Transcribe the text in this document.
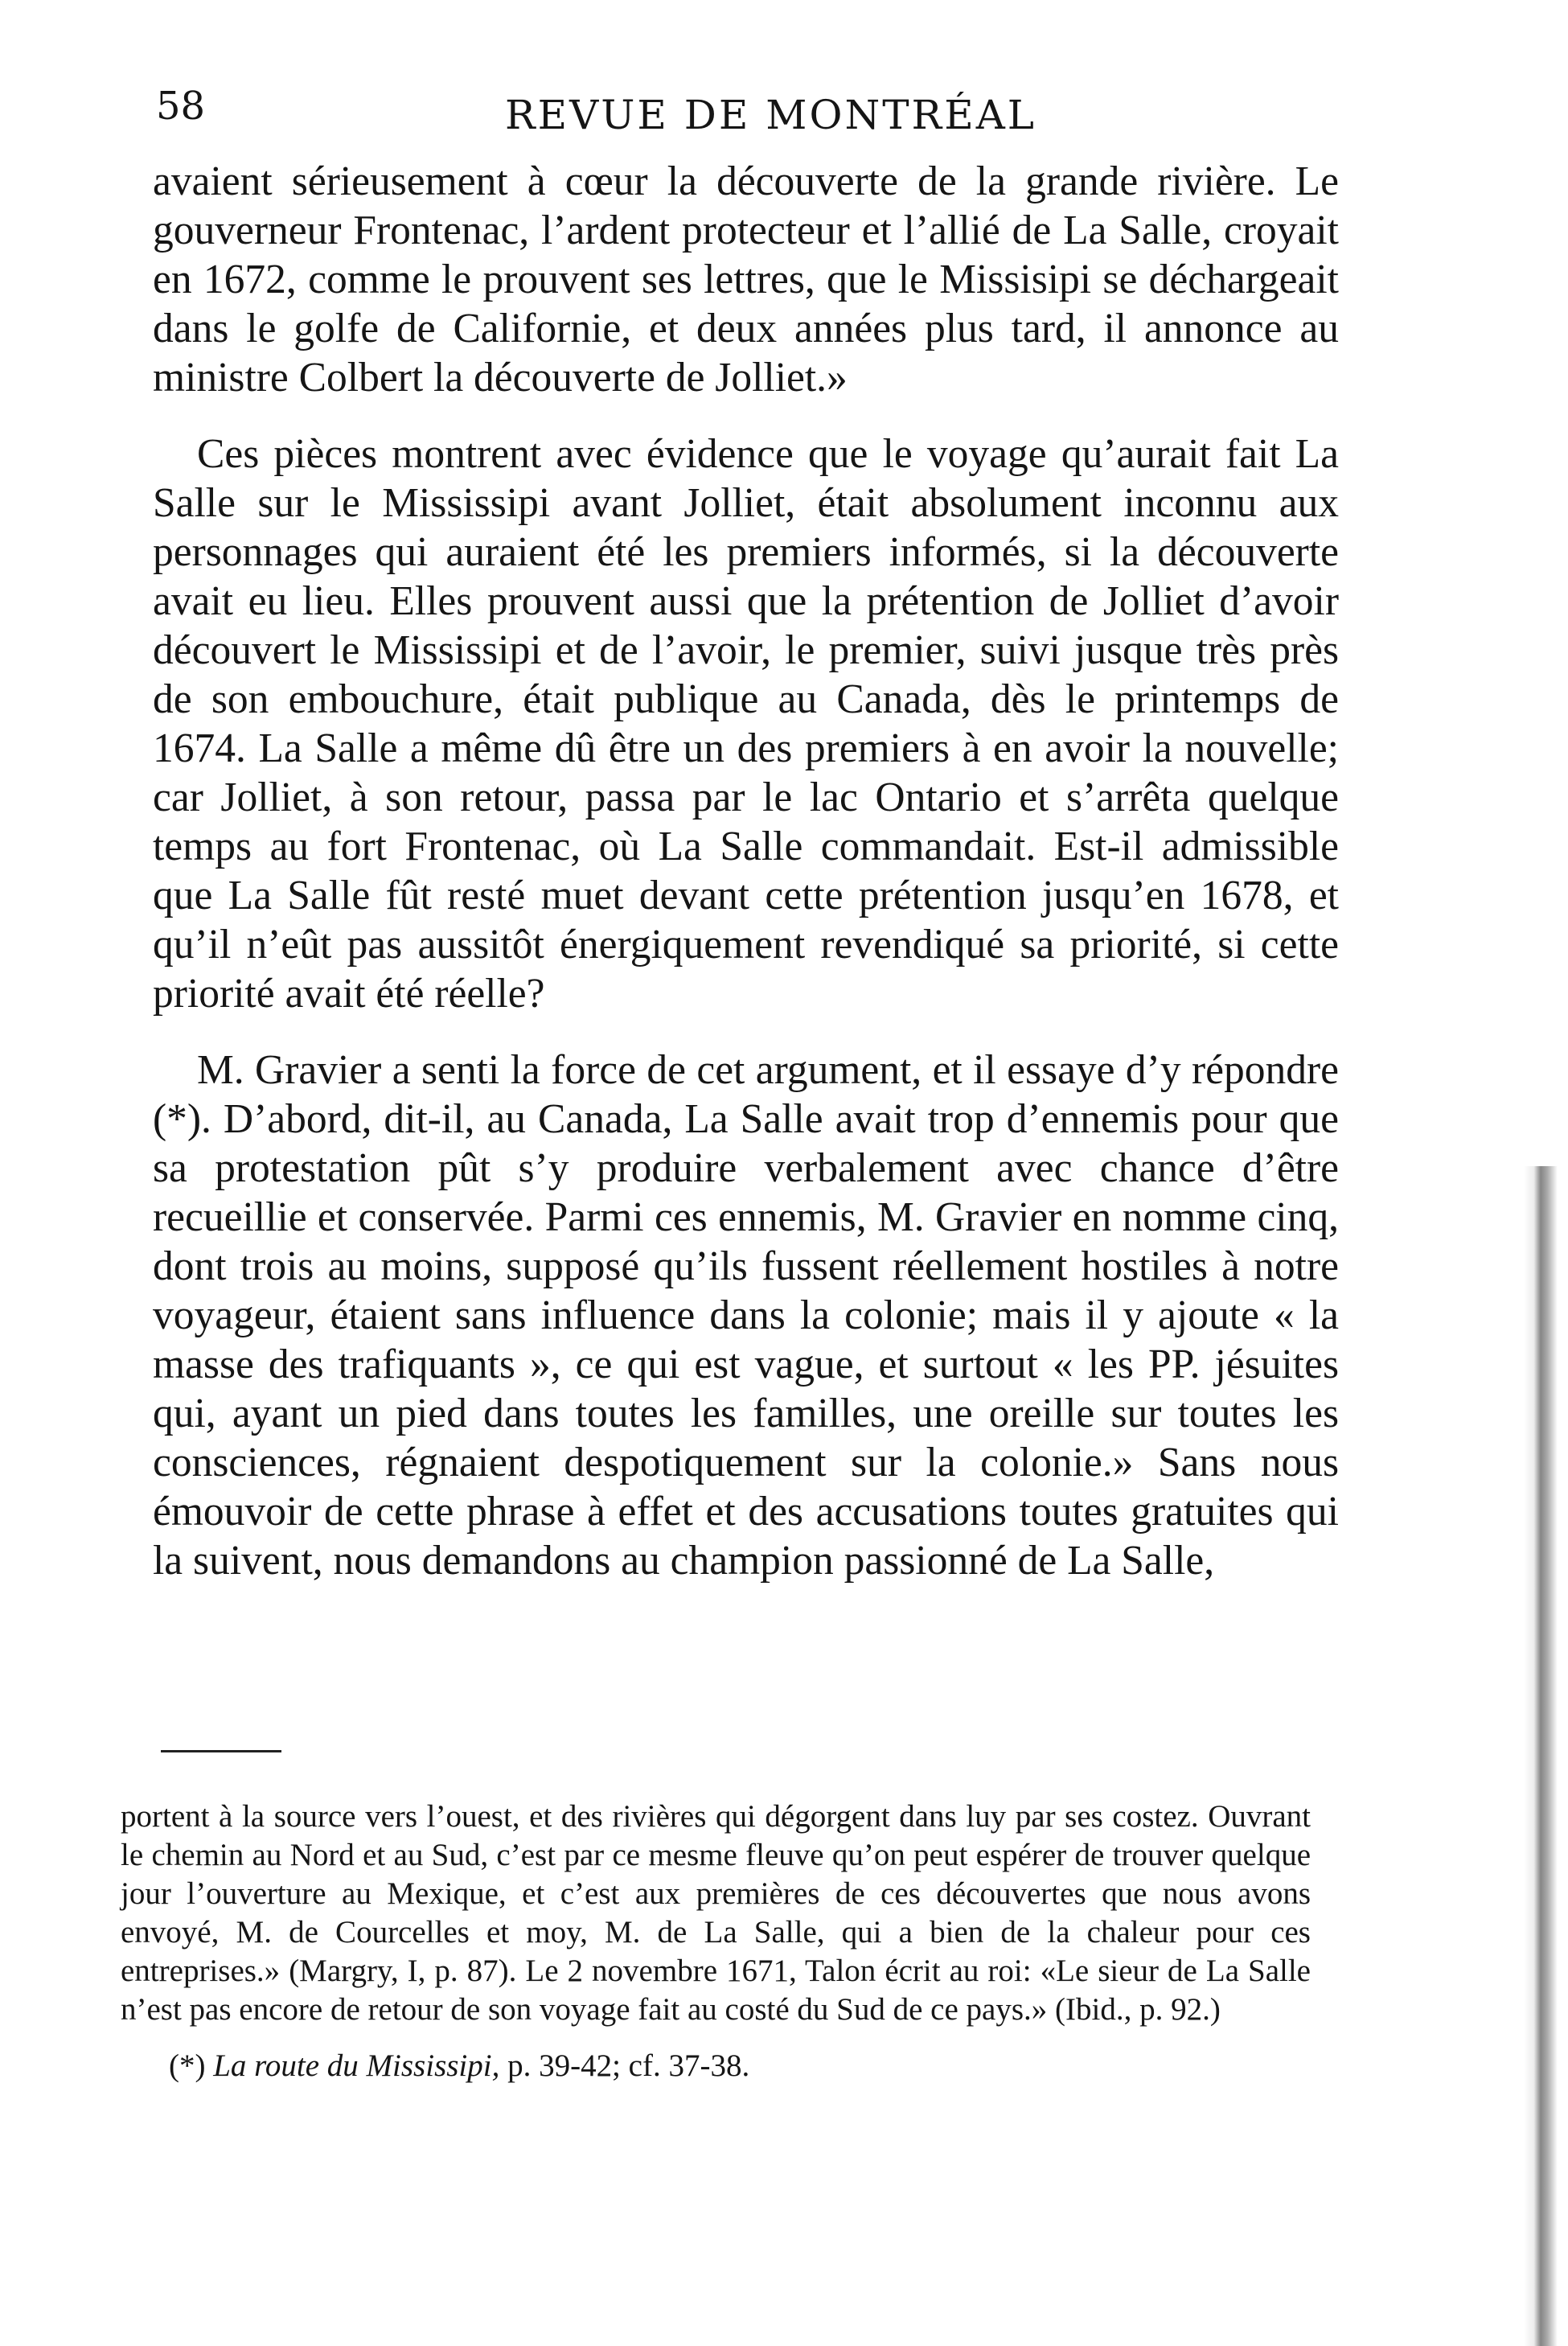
58	REVUE DE MONTRÉAL

avaient sérieusement à cœur la découverte de la grande rivière. Le gouverneur Frontenac, l’ardent protecteur et l’allié de La Salle, croyait en 1672, comme le prouvent ses lettres, que le Missisipi se déchargeait dans le golfe de Californie, et deux années plus tard, il annonce au ministre Colbert la découverte de Jolliet.»

Ces pièces montrent avec évidence que le voyage qu’aurait fait La Salle sur le Mississipi avant Jolliet, était absolument inconnu aux personnages qui auraient été les premiers informés, si la découverte avait eu lieu. Elles prouvent aussi que la prétention de Jolliet d’avoir découvert le Mississipi et de l’avoir, le premier, suivi jusque très près de son embouchure, était publique au Canada, dès le printemps de 1674. La Salle a même dû être un des premiers à en avoir la nouvelle; car Jolliet, à son retour, passa par le lac Ontario et s’arrêta quelque temps au fort Frontenac, où La Salle commandait. Est-il admissible que La Salle fût resté muet devant cette prétention jusqu’en 1678, et qu’il n’eût pas aussitôt énergiquement revendiqué sa priorité, si cette priorité avait été réelle?

M. Gravier a senti la force de cet argument, et il essaye d’y répondre (*). D’abord, dit-il, au Canada, La Salle avait trop d’ennemis pour que sa protestation pût s’y produire verbalement avec chance d’être recueillie et conservée. Parmi ces ennemis, M. Gravier en nomme cinq, dont trois au moins, supposé qu’ils fussent réellement hostiles à notre voyageur, étaient sans influence dans la colonie; mais il y ajoute « la masse des trafiquants », ce qui est vague, et surtout « les PP. jésuites qui, ayant un pied dans toutes les familles, une oreille sur toutes les consciences, régnaient despotiquement sur la colonie.» Sans nous émouvoir de cette phrase à effet et des accusations toutes gratuites qui la suivent, nous demandons au champion passionné de La Salle,

portent à la source vers l’ouest, et des rivières qui dégorgent dans luy par ses costez. Ouvrant le chemin au Nord et au Sud, c’est par ce mesme fleuve qu’on peut espérer de trouver quelque jour l’ouverture au Mexique, et c’est aux premières de ces découvertes que nous avons envoyé, M. de Courcelles et moy, M. de La Salle, qui a bien de la chaleur pour ces entreprises.» (Margry, I, p. 87). Le 2 novembre 1671, Talon écrit au roi: «Le sieur de La Salle n’est pas encore de retour de son voyage fait au costé du Sud de ce pays.» (Ibid., p. 92.)

(*) La route du Mississipi, p. 39-42; cf. 37-38.
